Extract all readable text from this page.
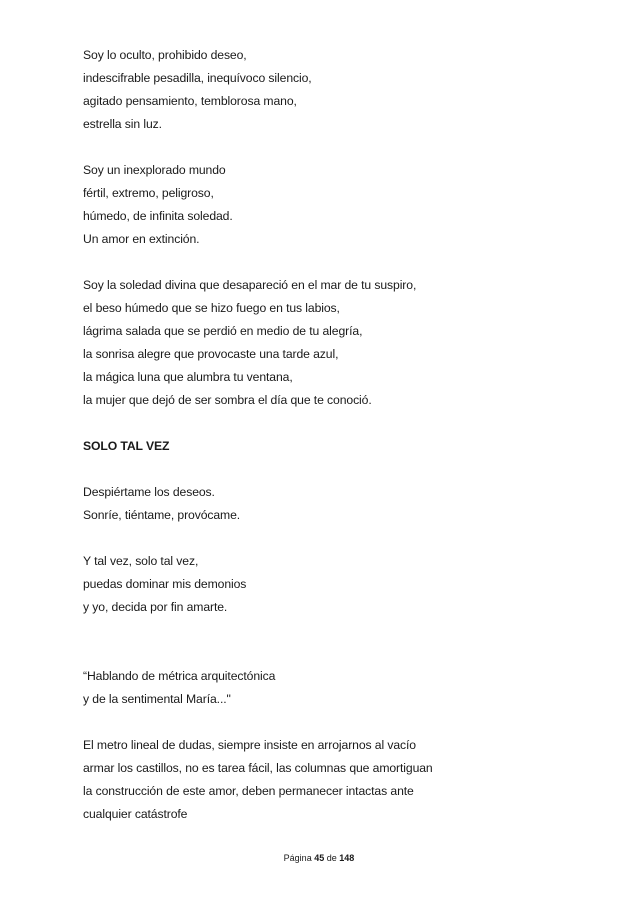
Soy lo oculto, prohibido deseo,
indescifrable pesadilla, inequívoco silencio,
agitado pensamiento, temblorosa mano,
estrella sin luz.
Soy un inexplorado mundo
fértil, extremo, peligroso,
húmedo, de infinita soledad.
Un amor en extinción.
Soy la soledad divina que desapareció en el mar de tu suspiro,
el beso húmedo que se hizo fuego en tus labios,
lágrima salada que se perdió en medio de tu alegría,
la sonrisa alegre que provocaste una tarde azul,
la mágica luna que alumbra tu ventana,
la mujer que dejó de ser sombra el día que te conoció.
SOLO TAL VEZ
Despiértame los deseos.
Sonríe, tiéntame, provócame.
Y tal vez, solo tal vez,
puedas dominar mis demonios
y yo, decida por fin amarte.
“Hablando de métrica arquitectónica
y de la sentimental María..."
El metro lineal de dudas, siempre insiste en arrojarnos al vacío
armar los castillos, no es tarea fácil, las columnas que amortiguan
la construcción de este amor, deben permanecer intactas ante
cualquier catástrofe
Página 45 de 148
